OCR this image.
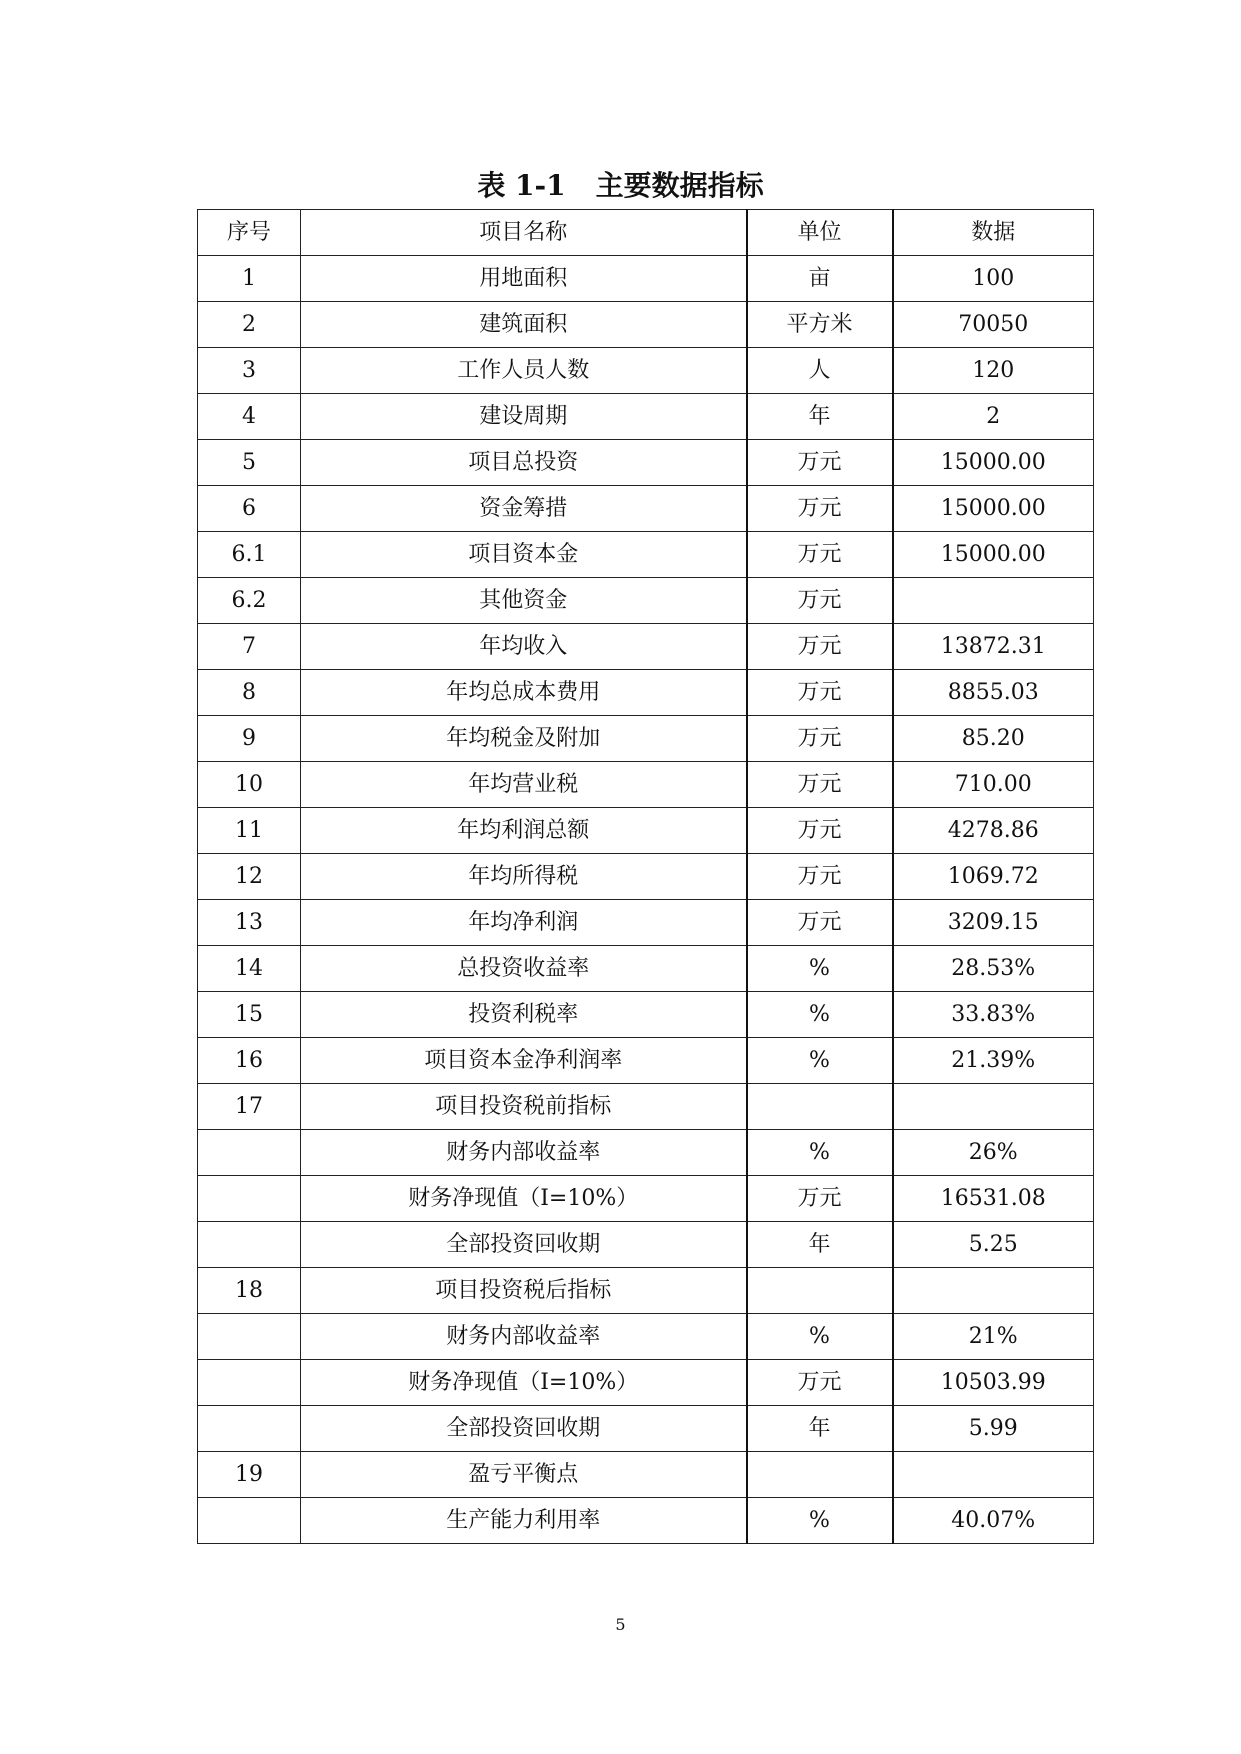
表 1-1 主要数据指标
序号	项目名称	单位	数据
1	用地面积	亩	100
2	建筑面积	平方米	70050
3	工作人员人数	人	120
4	建设周期	年	2
5	项目总投资	万元	15000.00
6	资金筹措	万元	15000.00
6.1	项目资本金	万元	15000.00
6.2	其他资金	万元	
7	年均收入	万元	13872.31
8	年均总成本费用	万元	8855.03
9	年均税金及附加	万元	85.20
10	年均营业税	万元	710.00
11	年均利润总额	万元	4278.86
12	年均所得税	万元	1069.72
13	年均净利润	万元	3209.15
14	总投资收益率	%	28.53%
15	投资利税率	%	33.83%
16	项目资本金净利润率	%	21.39%
17	项目投资税前指标		
	财务内部收益率	%	26%
	财务净现值（I=10%）	万元	16531.08
	全部投资回收期	年	5.25
18	项目投资税后指标		
	财务内部收益率	%	21%
	财务净现值（I=10%）	万元	10503.99
	全部投资回收期	年	5.99
19	盈亏平衡点		
	生产能力利用率	%	40.07%
5
